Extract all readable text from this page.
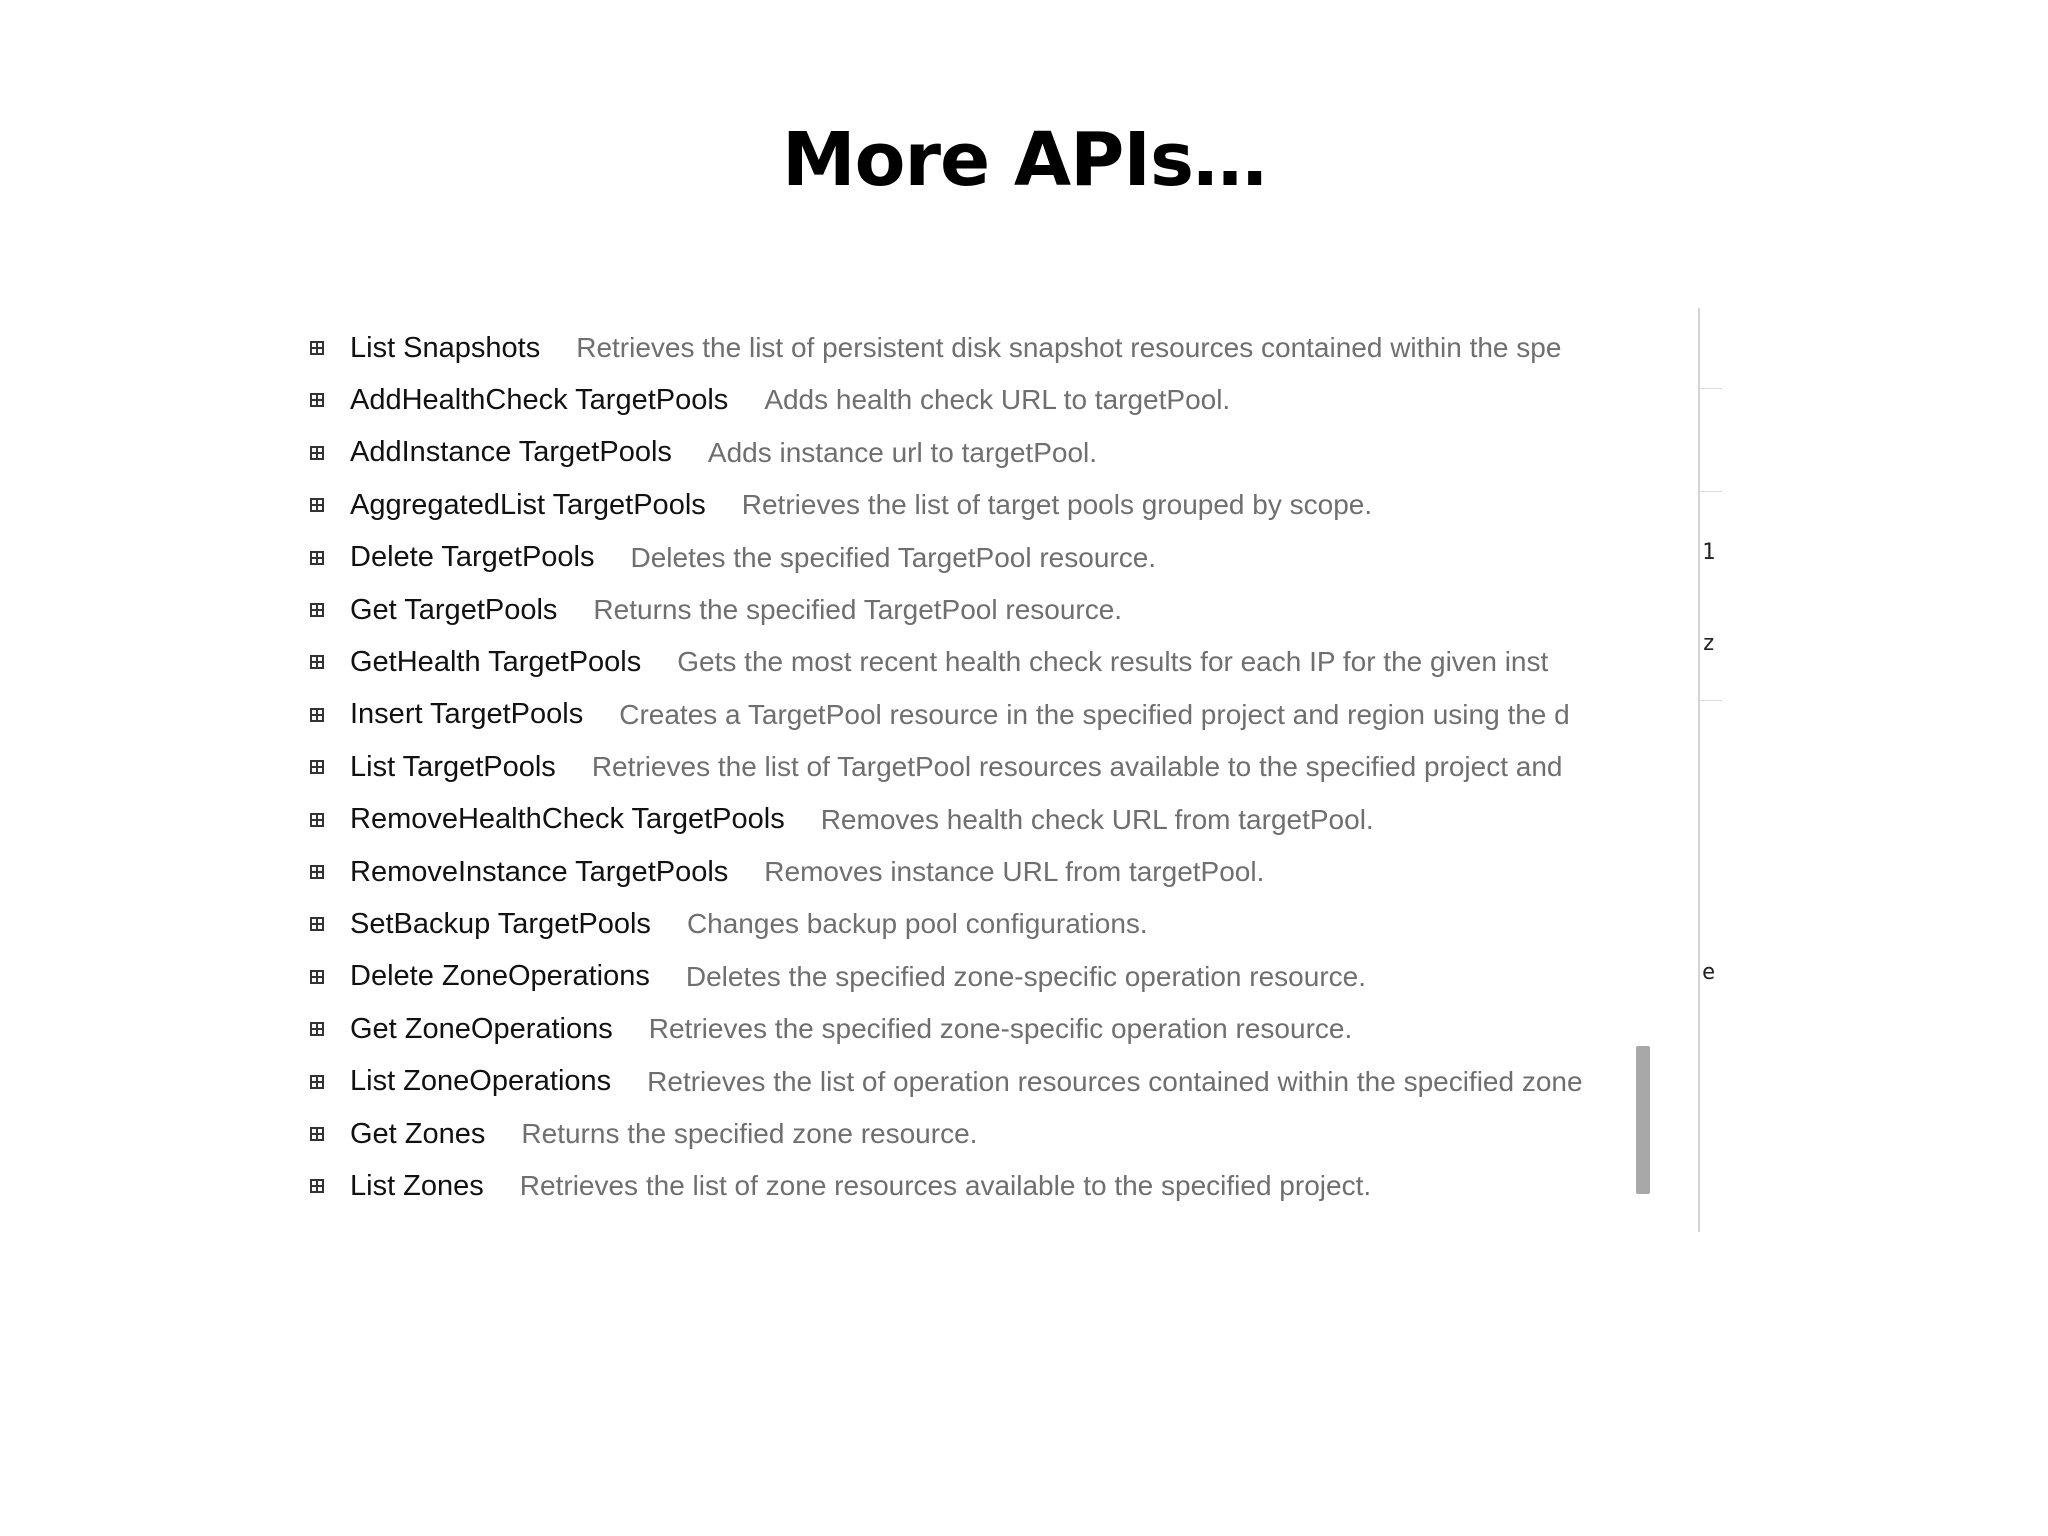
More APIs…
List Snapshots Retrieves the list of persistent disk snapshot resources contained within the spe
AddHealthCheck TargetPools Adds health check URL to targetPool.
AddInstance TargetPools Adds instance url to targetPool.
AggregatedList TargetPools Retrieves the list of target pools grouped by scope.
Delete TargetPools Deletes the specified TargetPool resource.
Get TargetPools Returns the specified TargetPool resource.
GetHealth TargetPools Gets the most recent health check results for each IP for the given inst
Insert TargetPools Creates a TargetPool resource in the specified project and region using the d
List TargetPools Retrieves the list of TargetPool resources available to the specified project and
RemoveHealthCheck TargetPools Removes health check URL from targetPool.
RemoveInstance TargetPools Removes instance URL from targetPool.
SetBackup TargetPools Changes backup pool configurations.
Delete ZoneOperations Deletes the specified zone-specific operation resource.
Get ZoneOperations Retrieves the specified zone-specific operation resource.
List ZoneOperations Retrieves the list of operation resources contained within the specified zone
Get Zones Returns the specified zone resource.
List Zones Retrieves the list of zone resources available to the specified project.
1
z
e
